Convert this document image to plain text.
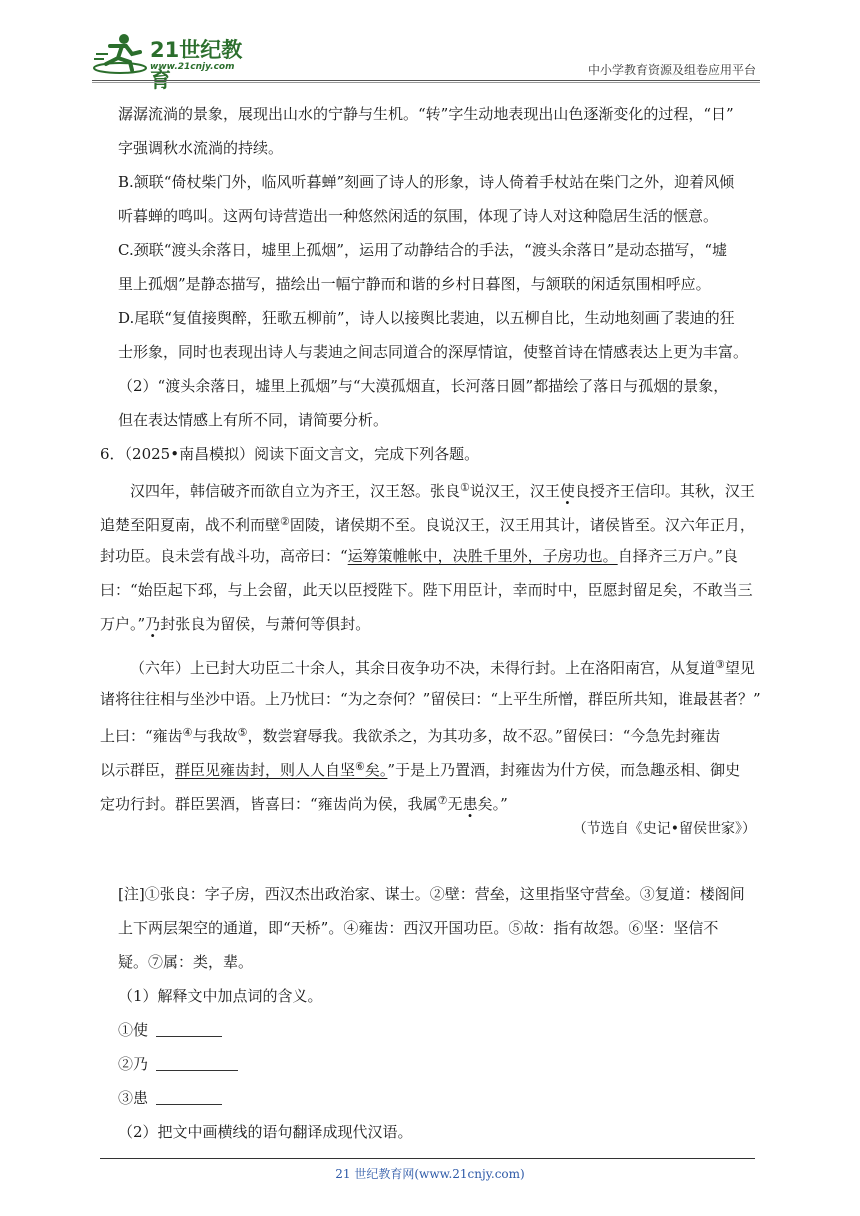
21世纪教育
www.21cnjy.com	中小学教育资源及组卷应用平台
潺潺流淌的景象，展现出山水的宁静与生机。“转”字生动地表现出山色逐渐变化的过程，“日”
字强调秋水流淌的持续。
B.颔联“倚杖柴门外，临风听暮蝉”刻画了诗人的形象，诗人倚着手杖站在柴门之外，迎着风倾
听暮蝉的鸣叫。这两句诗营造出一种悠然闲适的氛围，体现了诗人对这种隐居生活的惬意。
C.颈联“渡头余落日，墟里上孤烟”，运用了动静结合的手法，“渡头余落日”是动态描写，“墟
里上孤烟”是静态描写，描绘出一幅宁静而和谐的乡村日暮图，与颔联的闲适氛围相呼应。
D.尾联“复值接舆醉，狂歌五柳前”，诗人以接舆比裴迪，以五柳自比，生动地刻画了裴迪的狂
士形象，同时也表现出诗人与裴迪之间志同道合的深厚情谊，使整首诗在情感表达上更为丰富。
（2）“渡头余落日，墟里上孤烟”与“大漠孤烟直，长河落日圆”都描绘了落日与孤烟的景象，
但在表达情感上有所不同，请简要分析。
6．（2025•南昌模拟）阅读下面文言文，完成下列各题。
汉四年，韩信破齐而欲自立为齐王，汉王怒。张良①说汉王，汉王使良授齐王信印。其秋，汉王
追楚至阳夏南，战不利而壁②固陵，诸侯期不至。良说汉王，汉王用其计，诸侯皆至。汉六年正月，
封功臣。良未尝有战斗功，高帝曰：“运筹策帷帐中，决胜千里外，子房功也。自择齐三万户。”良
曰：“始臣起下邳，与上会留，此天以臣授陛下。陛下用臣计，幸而时中，臣愿封留足矣，不敢当三
万户。”乃封张良为留侯，与萧何等俱封。
（六年）上已封大功臣二十余人，其余日夜争功不决，未得行封。上在洛阳南宫，从复道③望见
诸将往往相与坐沙中语。上乃忧曰：“为之奈何？”留侯曰：“上平生所憎，群臣所共知，谁最甚者？”
上曰：“雍齿④与我故⑤，数尝窘辱我。我欲杀之，为其功多，故不忍。”留侯曰：“今急先封雍齿
以示群臣，群臣见雍齿封，则人人自坚⑥矣。”于是上乃置酒，封雍齿为什方侯，而急趣丞相、御史
定功行封。群臣罢酒，皆喜曰：“雍齿尚为侯，我属⑦无患矣。”
（节选自《史记•留侯世家》）
[注]①张良：字子房，西汉杰出政治家、谋士。②壁：营垒，这里指坚守营垒。③复道：楼阁间
上下两层架空的通道，即“天桥”。④雍齿：西汉开国功臣。⑤故：指有故怨。⑥坚：坚信不
疑。⑦属：类，辈。
（1）解释文中加点词的含义。
①使
②乃
③患
（2）把文中画横线的语句翻译成现代汉语。
21 世纪教育网(www.21cnjy.com)
